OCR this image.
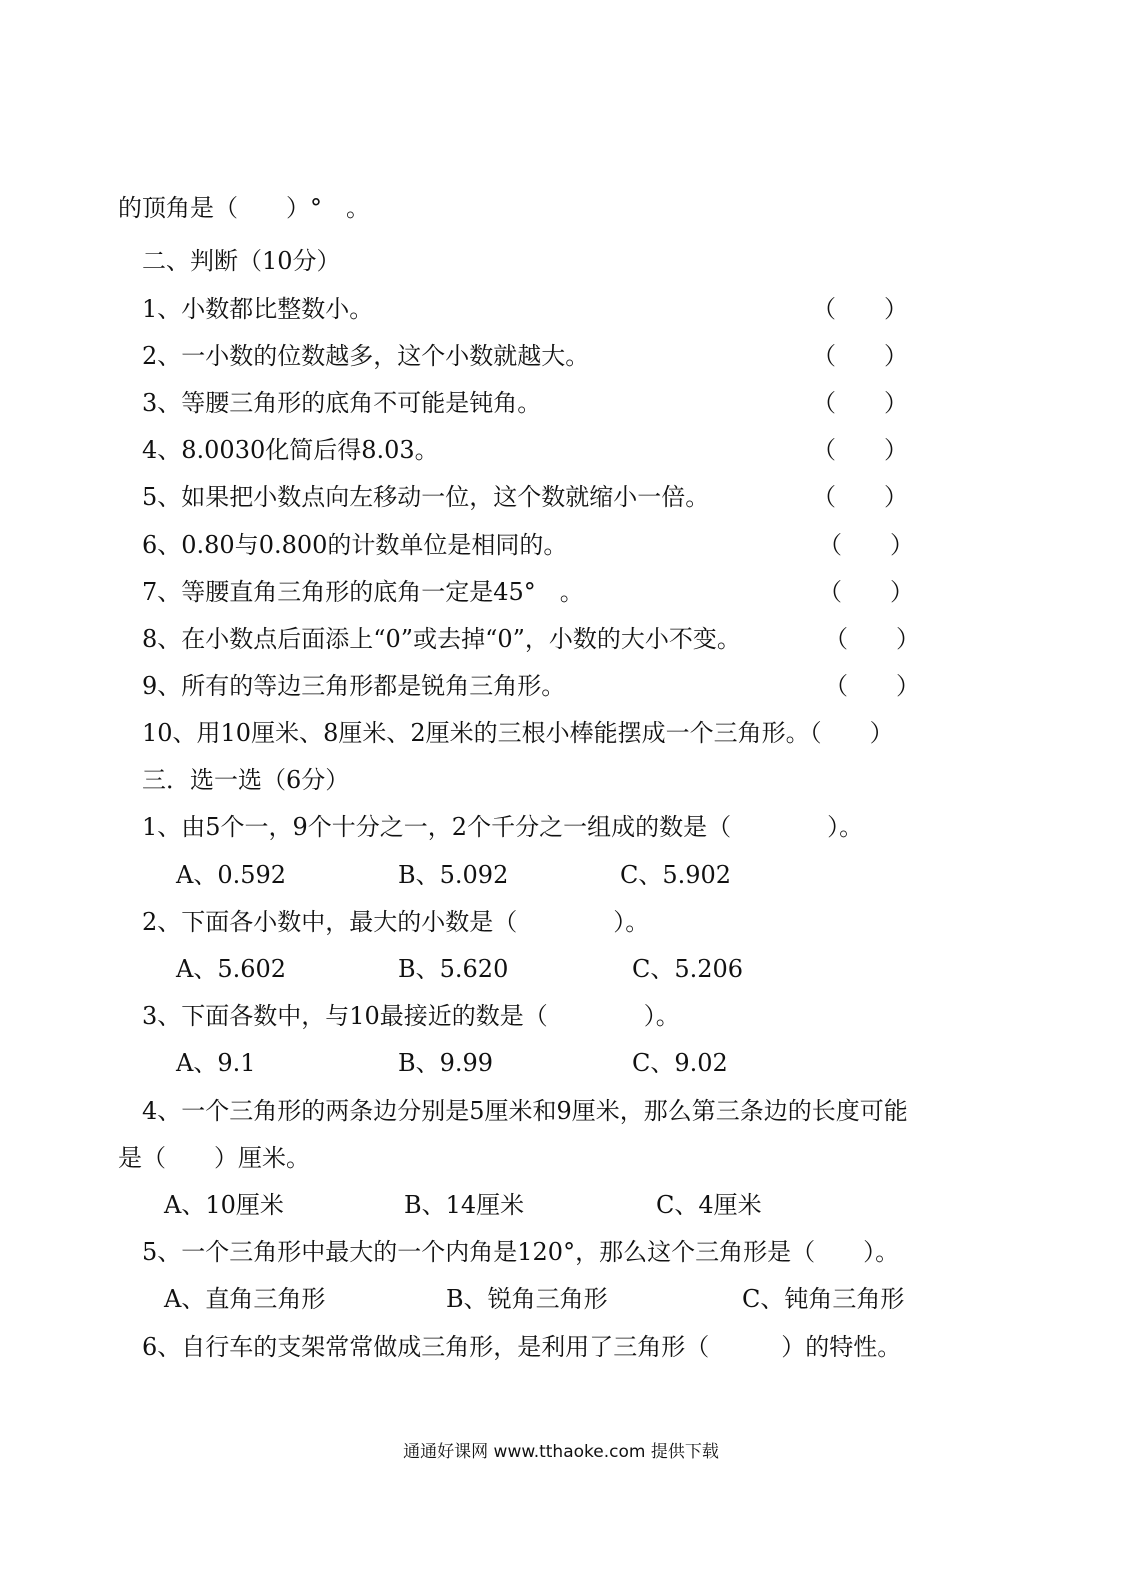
的顶角是（　　）°　。
二、判断（10分）
1、小数都比整数小。	（　　）
2、一小数的位数越多，这个小数就越大。	（　　）
3、等腰三角形的底角不可能是钝角。	（　　）
4、8.0030化简后得8.03。	（　　）
5、如果把小数点向左移动一位，这个数就缩小一倍。	（　　）
6、0.80与0.800的计数单位是相同的。	（　　）
7、等腰直角三角形的底角一定是45°　。	（　　）
8、在小数点后面添上“0”或去掉“0”，小数的大小不变。	（　　）
9、所有的等边三角形都是锐角三角形。	（　　）
10、用10厘米、8厘米、2厘米的三根小棒能摆成一个三角形。（　　）
三．选一选（6分）
1、由5个一，9个十分之一，2个千分之一组成的数是（　　　　）。
A、0.592	B、5.092	C、5.902
2、下面各小数中，最大的小数是（　　　　）。
A、5.602	B、5.620	C、5.206
3、下面各数中，与10最接近的数是（　　　　）。
A、9.1	B、9.99	C、9.02
4、一个三角形的两条边分别是5厘米和9厘米，那么第三条边的长度可能
是（　　）厘米。
A、10厘米	B、14厘米	C、4厘米
5、一个三角形中最大的一个内角是120°，那么这个三角形是（　　）。
A、直角三角形	B、锐角三角形	C、钝角三角形
6、自行车的支架常常做成三角形，是利用了三角形（　　　）的特性。
通通好课网 www.tthaoke.com 提供下载
